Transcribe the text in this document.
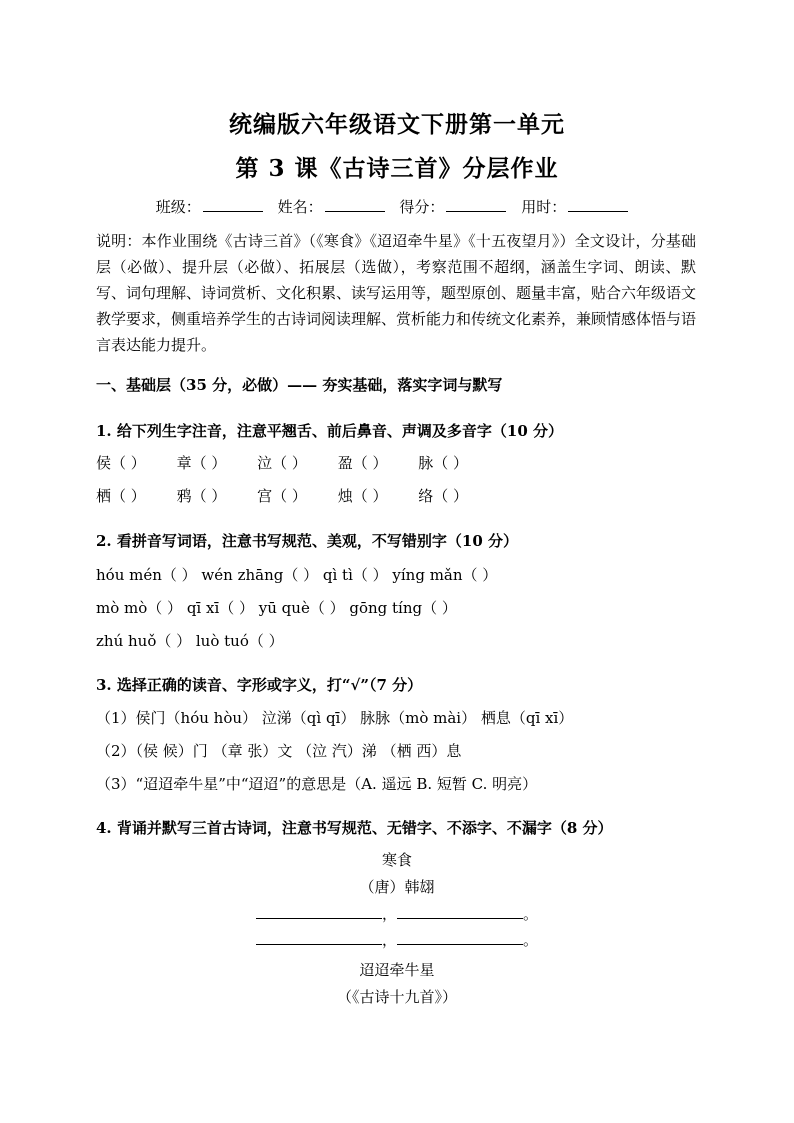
统编版六年级语文下册第一单元
第 3 课《古诗三首》分层作业
班级：	姓名：	得分：	用时：
说明：本作业围绕《古诗三首》（《寒食》《迢迢牵牛星》《十五夜望月》）全文设计，分基础层（必做）、提升层（必做）、拓展层（选做），考察范围不超纲，涵盖生字词、朗读、默写、词句理解、诗词赏析、文化积累、读写运用等，题型原创、题量丰富，贴合六年级语文教学要求，侧重培养学生的古诗词阅读理解、赏析能力和传统文化素养，兼顾情感体悟与语言表达能力提升。
一、基础层（35 分，必做）—— 夯实基础，落实字词与默写
1. 给下列生字注音，注意平翘舌、前后鼻音、声调及多音字（10 分）
侯（ ） 章（ ） 泣（ ） 盈（ ） 脉（ ）
栖（ ） 鸦（ ） 宫（ ） 烛（ ） 络（ ）
2. 看拼音写词语，注意书写规范、美观，不写错别字（10 分）
hóu mén（ ） wén zhāng（ ） qì tì（ ） yíng mǎn（ ）
mò mò（ ） qī xī（ ） yū què（ ） gōng tíng（ ）
zhú huǒ（ ） luò tuó（ ）
3. 选择正确的读音、字形或字义，打“√”（7 分）
（1）侯门（hóu hòu） 泣涕（qì qī） 脉脉（mò mài） 栖息（qī xī）
（2）（侯 候）门 （章 张）文 （泣 汽）涕 （栖 西）息
（3）“迢迢牵牛星”中“迢迢”的意思是（A. 遥远 B. 短暂 C. 明亮）
4. 背诵并默写三首古诗词，注意书写规范、无错字、不添字、不漏字（8 分）
寒食
（唐）韩翃
，	。
，	。
迢迢牵牛星
（《古诗十九首》）
